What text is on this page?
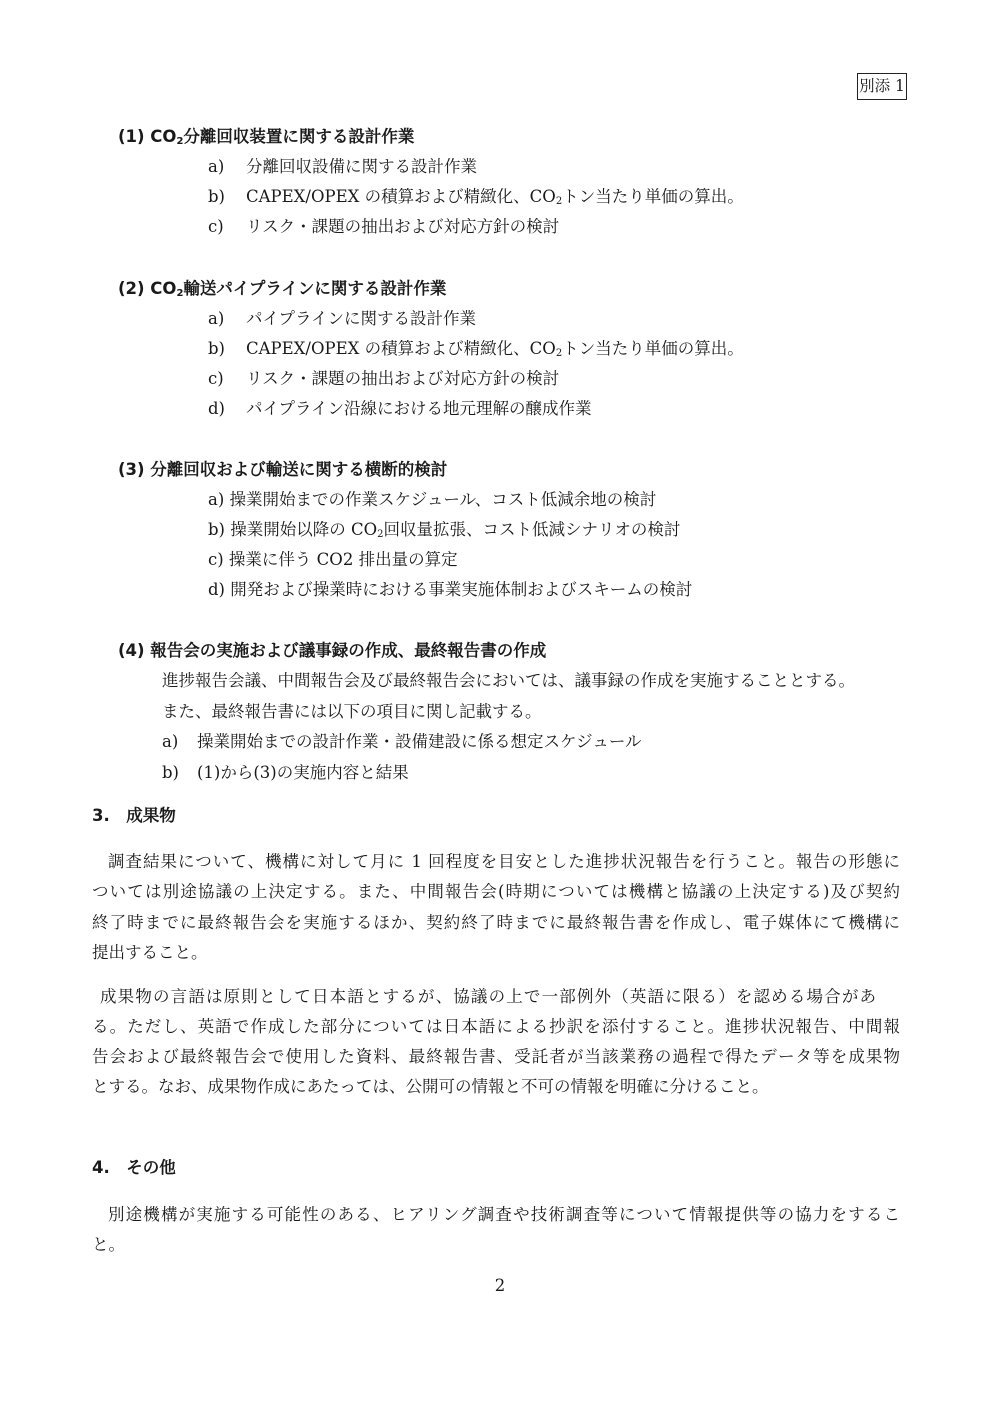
別添 1
(1) $CO_2$分離回収装置に関する設計作業
a) 分離回収設備に関する設計作業
b) CAPEX/OPEX の積算および精緻化、$CO_2$トン当たり単価の算出。
c) リスク・課題の抽出および対応方針の検討
(2) $CO_2$輸送パイプラインに関する設計作業
a) パイプラインに関する設計作業
b) CAPEX/OPEX の積算および精緻化、$CO_2$トン当たり単価の算出。
c) リスク・課題の抽出および対応方針の検討
d) パイプライン沿線における地元理解の醸成作業
(3) 分離回収および輸送に関する横断的検討
a) 操業開始までの作業スケジュール、コスト低減余地の検討
b) 操業開始以降の $CO_2$回収量拡張、コスト低減シナリオの検討
c) 操業に伴う CO2 排出量の算定
d) 開発および操業時における事業実施体制およびスキームの検討
(4) 報告会の実施および議事録の作成、最終報告書の作成
進捗報告会議、中間報告会及び最終報告会においては、議事録の作成を実施することとする。
また、最終報告書には以下の項目に関し記載する。
a) 操業開始までの設計作業・設備建設に係る想定スケジュール
b) (1)から(3)の実施内容と結果
3.　成果物
調査結果について、機構に対して月に 1 回程度を目安とした進捗状況報告を行うこと。報告の形態に
ついては別途協議の上決定する。また、中間報告会(時期については機構と協議の上決定する)及び契約
終了時までに最終報告会を実施するほか、契約終了時までに最終報告書を作成し、電子媒体にて機構に
提出すること。
成果物の言語は原則として日本語とするが、協議の上で一部例外（英語に限る）を認める場合があ
る。ただし、英語で作成した部分については日本語による抄訳を添付すること。進捗状況報告、中間報
告会および最終報告会で使用した資料、最終報告書、受託者が当該業務の過程で得たデータ等を成果物
とする。なお、成果物作成にあたっては、公開可の情報と不可の情報を明確に分けること。
4.　その他
別途機構が実施する可能性のある、ヒアリング調査や技術調査等について情報提供等の協力をするこ
と。
2
